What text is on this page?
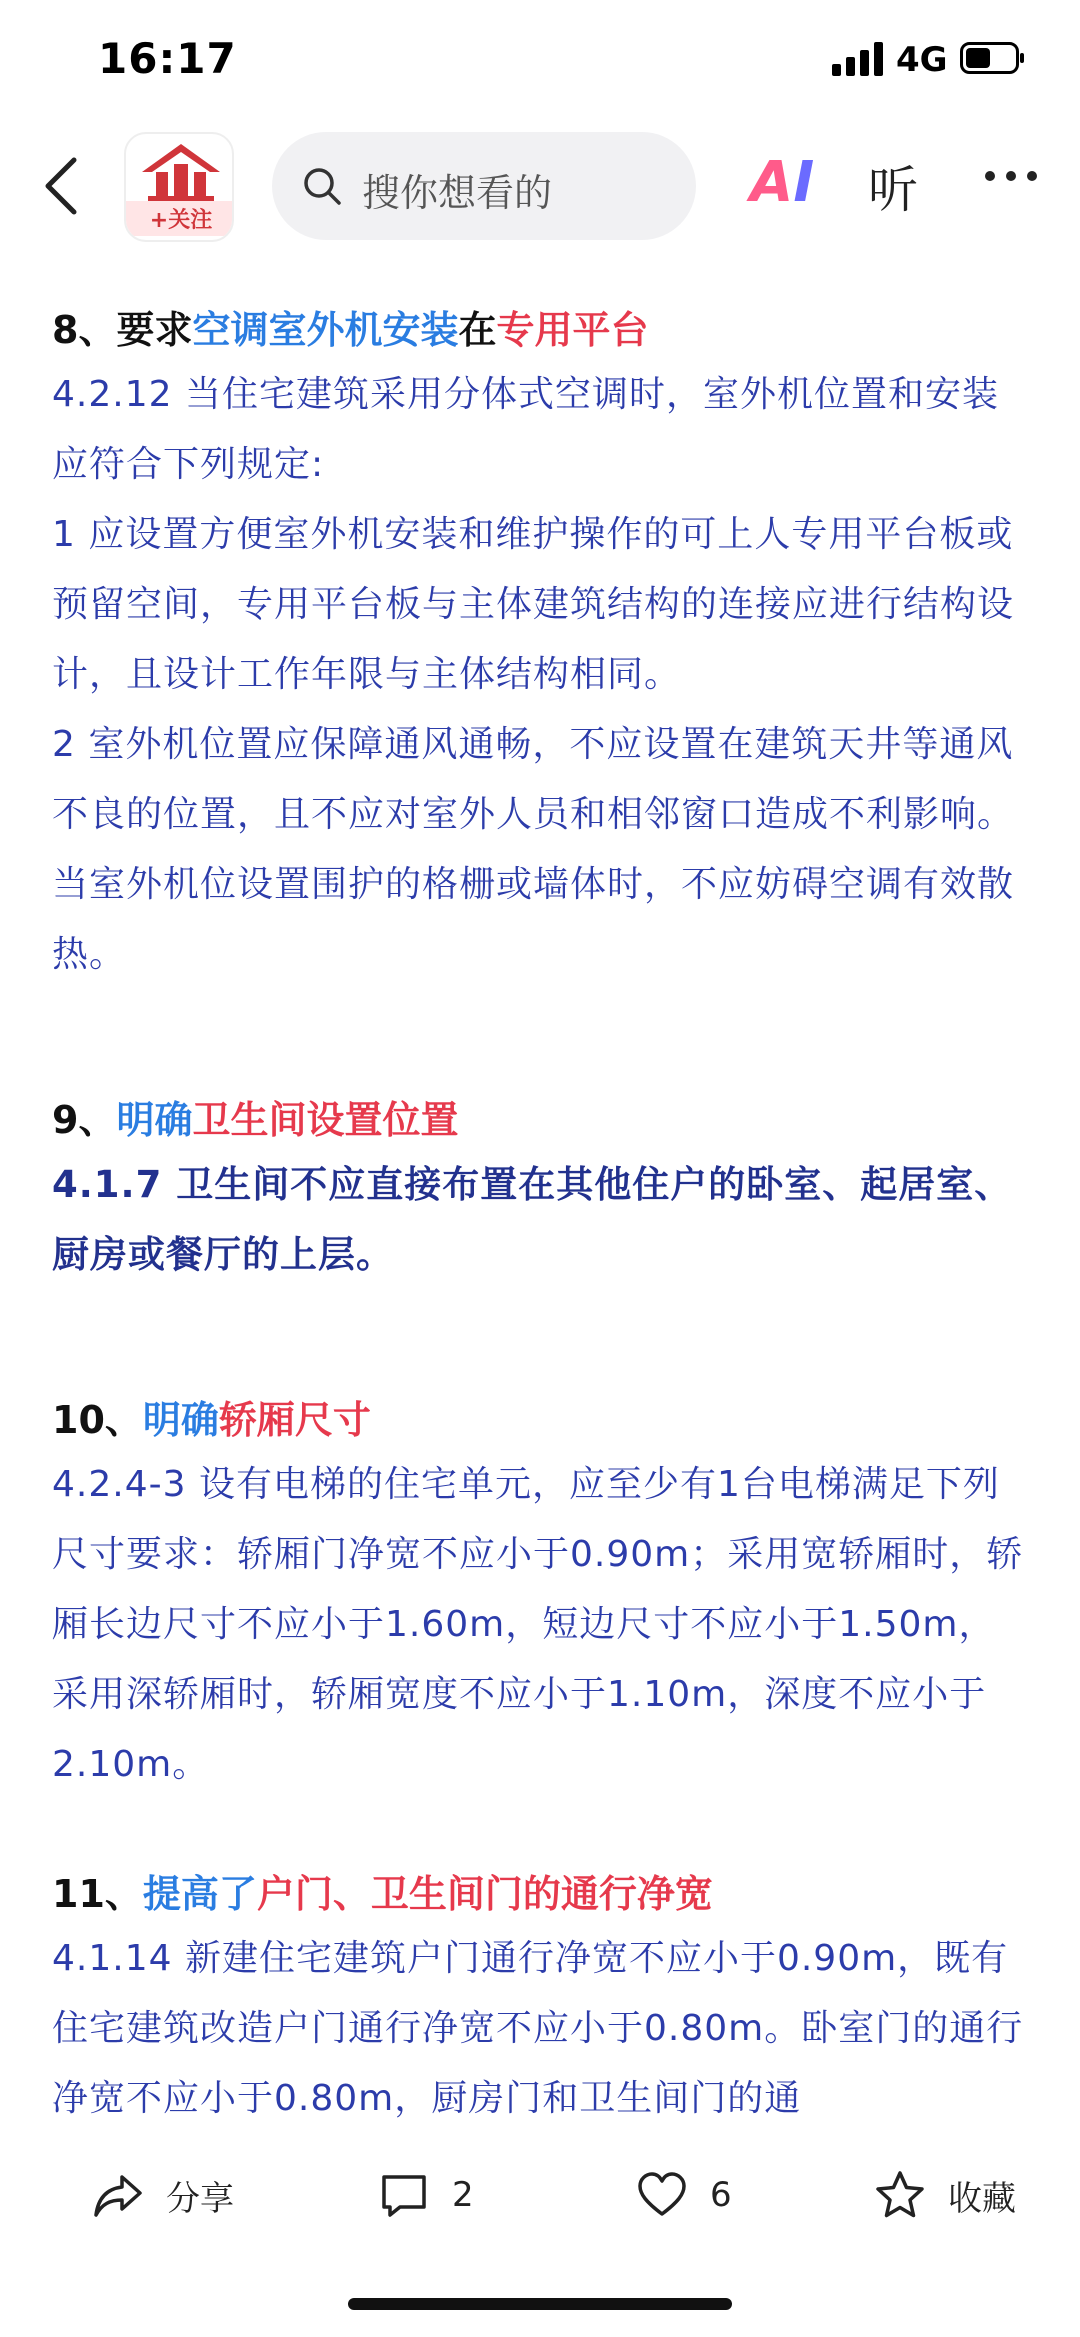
16:17	4G
+关注
搜你想看的	AI 听
8、要求空调室外机安装在专用平台

4.2.12 当住宅建筑采用分体式空调时，室外机位置和安装应符合下列规定:

1 应设置方便室外机安装和维护操作的可上人专用平台板或预留空间，专用平台板与主体建筑结构的连接应进行结构设计，且设计工作年限与主体结构相同。

2 室外机位置应保障通风通畅，不应设置在建筑天井等通风不良的位置，且不应对室外人员和相邻窗口造成不利影响。当室外机位设置围护的格栅或墙体时，不应妨碍空调有效散热。

9、明确卫生间设置位置

4.1.7 卫生间不应直接布置在其他住户的卧室、起居室、厨房或餐厅的上层。

10、明确轿厢尺寸

4.2.4-3 设有电梯的住宅单元，应至少有1台电梯满足下列尺寸要求：轿厢门净宽不应小于0.90m；采用宽轿厢时，轿厢长边尺寸不应小于1.60m，短边尺寸不应小于1.50m，采用深轿厢时，轿厢宽度不应小于1.10m，深度不应小于2.10m。

11、提高了户门、卫生间门的通行净宽

4.1.14 新建住宅建筑户门通行净宽不应小于0.90m，既有住宅建筑改造户门通行净宽不应小于0.80m。卧室门的通行净宽不应小于0.80m，厨房门和卫生间门的通

分享	2	6	收藏
